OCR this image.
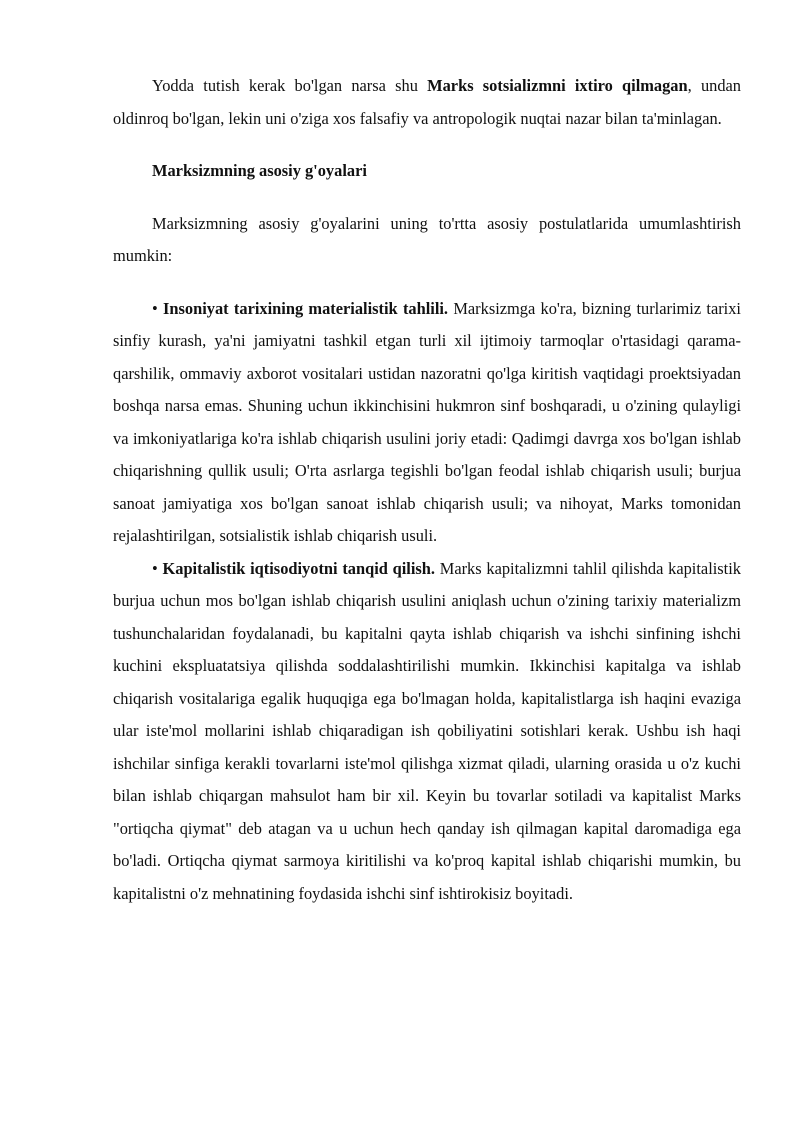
Yodda tutish kerak bo'lgan narsa shu Marks sotsializmni ixtiro qilmagan, undan oldinroq bo'lgan, lekin uni o'ziga xos falsafiy va antropologik nuqtai nazar bilan ta'minlagan.

Marksizmning asosiy g'oyalari

Marksizmning asosiy g'oyalarini uning to'rtta asosiy postulatlarida umumlashtirish mumkin:

• Insoniyat tarixining materialistik tahlili. Marksizmga ko'ra, bizning turlarimiz tarixi sinfiy kurash, ya'ni jamiyatni tashkil etgan turli xil ijtimoiy tarmoqlar o'rtasidagi qarama-qarshilik, ommaviy axborot vositalari ustidan nazoratni qo'lga kiritish vaqtidagi proektsiyadan boshqa narsa emas. Shuning uchun ikkinchisini hukmron sinf boshqaradi, u o'zining qulayligi va imkoniyatlariga ko'ra ishlab chiqarish usulini joriy etadi: Qadimgi davrga xos bo'lgan ishlab chiqarishning qullik usuli; O'rta asrlarga tegishli bo'lgan feodal ishlab chiqarish usuli; burjua sanoat jamiyatiga xos bo'lgan sanoat ishlab chiqarish usuli; va nihoyat, Marks tomonidan rejalashtirilgan, sotsialistik ishlab chiqarish usuli.

• Kapitalistik iqtisodiyotni tanqid qilish. Marks kapitalizmni tahlil qilishda kapitalistik burjua uchun mos bo'lgan ishlab chiqarish usulini aniqlash uchun o'zining tarixiy materializm tushunchalaridan foydalanadi, bu kapitalni qayta ishlab chiqarish va ishchi sinfining ishchi kuchini ekspluatatsiya qilishda soddalashtirilishi mumkin. Ikkinchisi kapitalga va ishlab chiqarish vositalariga egalik huquqiga ega bo'lmagan holda, kapitalistlarga ish haqini evaziga ular iste'mol mollarini ishlab chiqaradigan ish qobiliyatini sotishlari kerak. Ushbu ish haqi ishchilar sinfiga kerakli tovarlarni iste'mol qilishga xizmat qiladi, ularning orasida u o'z kuchi bilan ishlab chiqargan mahsulot ham bir xil. Keyin bu tovarlar sotiladi va kapitalist Marks "ortiqcha qiymat" deb atagan va u uchun hech qanday ish qilmagan kapital daromadiga ega bo'ladi. Ortiqcha qiymat sarmoya kiritilishi va ko'proq kapital ishlab chiqarishi mumkin, bu kapitalistni o'z mehnatining foydasida ishchi sinf ishtirokisiz boyitadi.
